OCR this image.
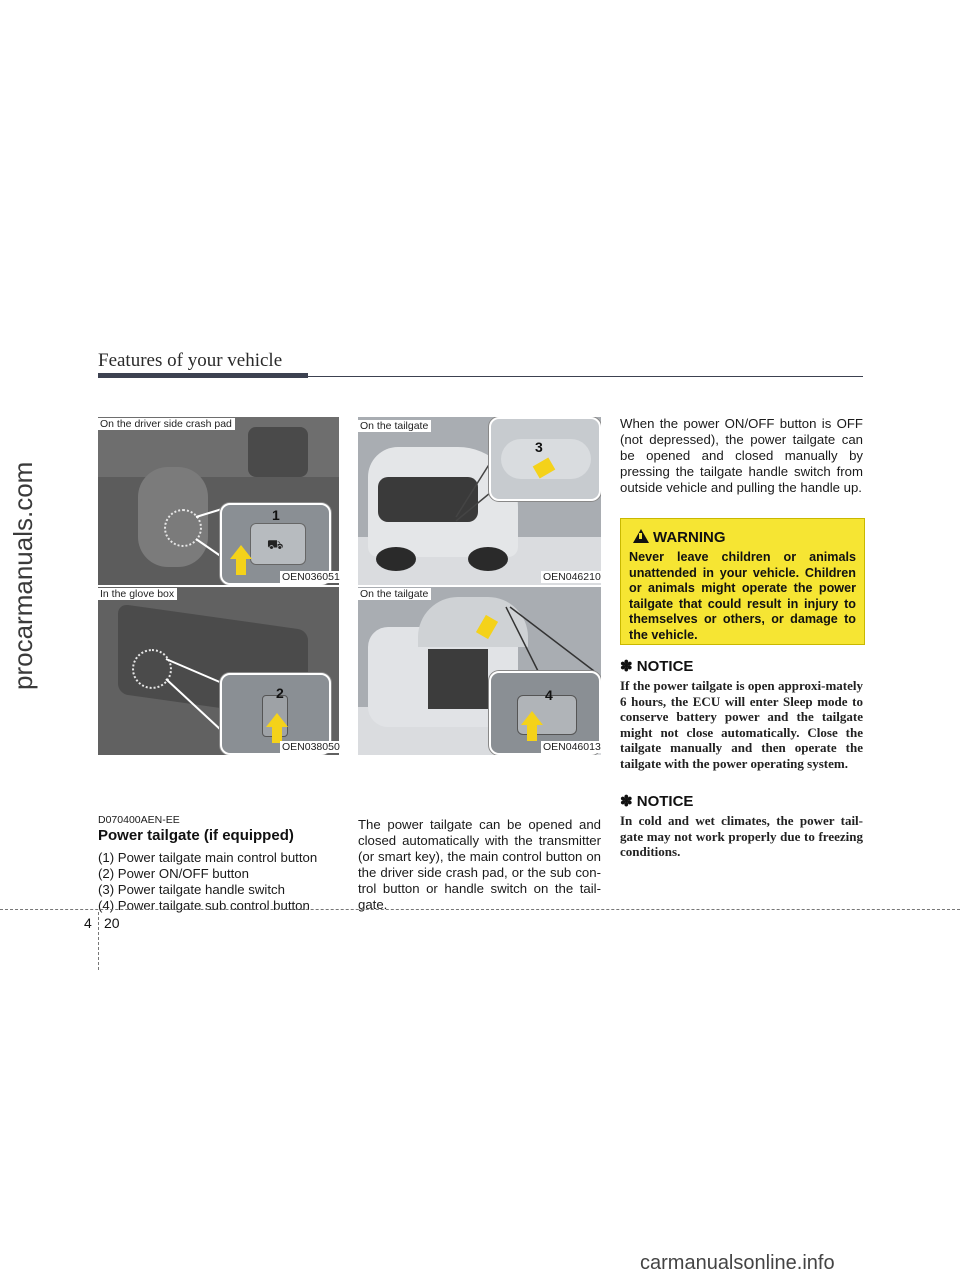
Features of your vehicle
procarmanuals.com	1
⛟
On the driver side crash pad
OEN036051
2
In the glove box
OEN038050
3
On the tailgate
OEN046210
4
On the tailgate
OEN046013
D070400AEN-EE
Power tailgate (if equipped)
(1) Power tailgate main control button
(2) Power ON/OFF button
(3) Power tailgate handle switch
(4) Power tailgate sub control button
The power tailgate can be opened and closed automatically with the transmitter (or smart key), the main control button on the driver side crash pad, or the sub con-trol button or handle switch on the tail-gate.
When the power ON/OFF button is OFF (not depressed), the power tailgate can be opened and closed manually by pressing the tailgate handle switch from outside vehicle and pulling the handle up.
WARNING
Never leave children or animals unattended in your vehicle. Children or animals might operate the power tailgate that could result in injury to themselves or others, or damage to the vehicle.
✽ NOTICE
If the power tailgate is open approxi-mately 6 hours, the ECU will enter Sleep mode to conserve battery power and the tailgate might not close automatically. Close the tailgate manually and then operate the tailgate with the power operating system.
✽ NOTICE
In cold and wet climates, the power tail-gate may not work properly due to freezing conditions.
4 20
carmanualsonline.info
